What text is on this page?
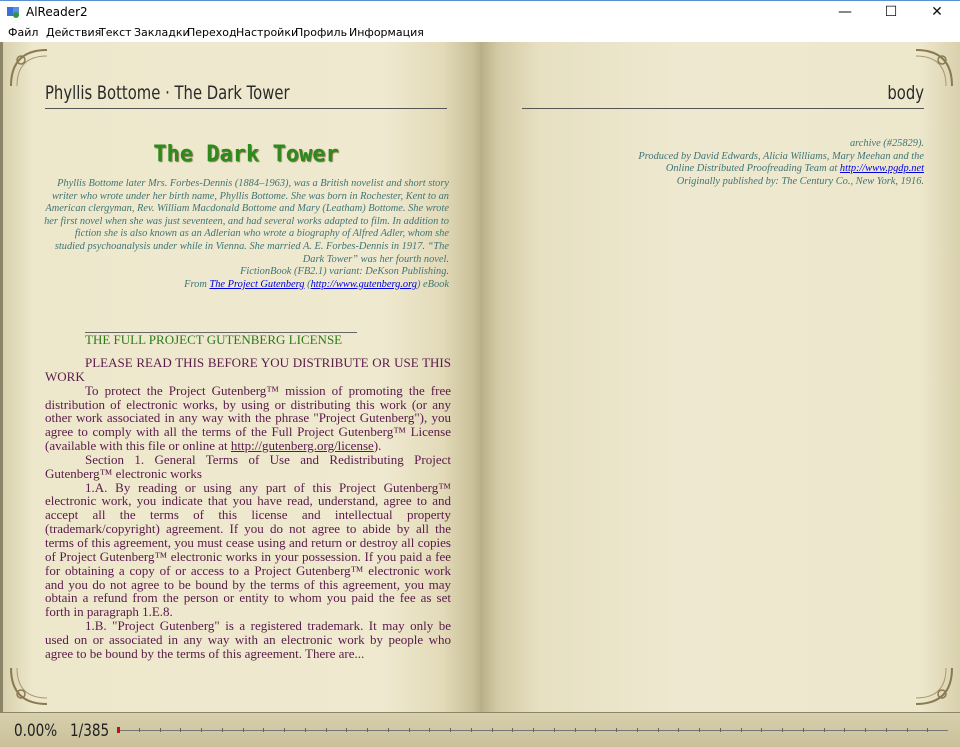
AlReader2	—	☐	✕
Файл Действия
Текст Закладки
Переход Настройки
Профиль Информация
Phyllis Bottome · The Dark Tower
The Dark Tower
Phyllis Bottome later Mrs. Forbes-Dennis (1884–1963), was a British novelist and short story writer who wrote under her birth name, Phyllis Bottome. She was born in Rochester, Kent to an American clergyman, Rev. William Macdonald Bottome and Mary (Leatham) Bottome. She wrote her first novel when she was just seventeen, and had several works adapted to film. In addition to fiction she is also known as an Adlerian who wrote a biography of Alfred Adler, whom she studied psychoanalysis under while in Vienna. She married A. E. Forbes-Dennis in 1917. “The Dark Tower” was her fourth novel.
FictionBook (FB2.1) variant: DeKson Publishing.
From The Project Gutenberg (http://www.gutenberg.org) eBook
THE FULL PROJECT GUTENBERG LICENSE

PLEASE READ THIS BEFORE YOU DISTRIBUTE OR USE THIS WORK

To protect the Project Gutenberg™ mission of promoting the free distribution of electronic works, by using or distributing this work (or any other work associated in any way with the phrase "Project Gutenberg"), you agree to comply with all the terms of the Full Project Gutenberg™ License (available with this file or online at http://gutenberg.org/license).

Section 1. General Terms of Use and Redistributing Project Gutenberg™ electronic works

1.A. By reading or using any part of this Project Gutenberg™ electronic work, you indicate that you have read, understand, agree to and accept all the terms of this license and intellectual property (trademark/copyright) agreement. If you do not agree to abide by all the terms of this agreement, you must cease using and return or destroy all copies of Project Gutenberg™ electronic works in your possession. If you paid a fee for obtaining a copy of or access to a Project Gutenberg™ electronic work and you do not agree to be bound by the terms of this agreement, you may obtain a refund from the person or entity to whom you paid the fee as set forth in paragraph 1.E.8.

1.B. "Project Gutenberg" is a registered trademark. It may only be used on or associated in any way with an electronic work by people who agree to be bound by the terms of this agreement. There are...

body
archive (#25829).
Produced by David Edwards, Alicia Williams, Mary Meehan and the
Online Distributed Proofreading Team at http://www.pgdp.net
Originally published by: The Century Co., New York, 1916.
0.00% 1/385
